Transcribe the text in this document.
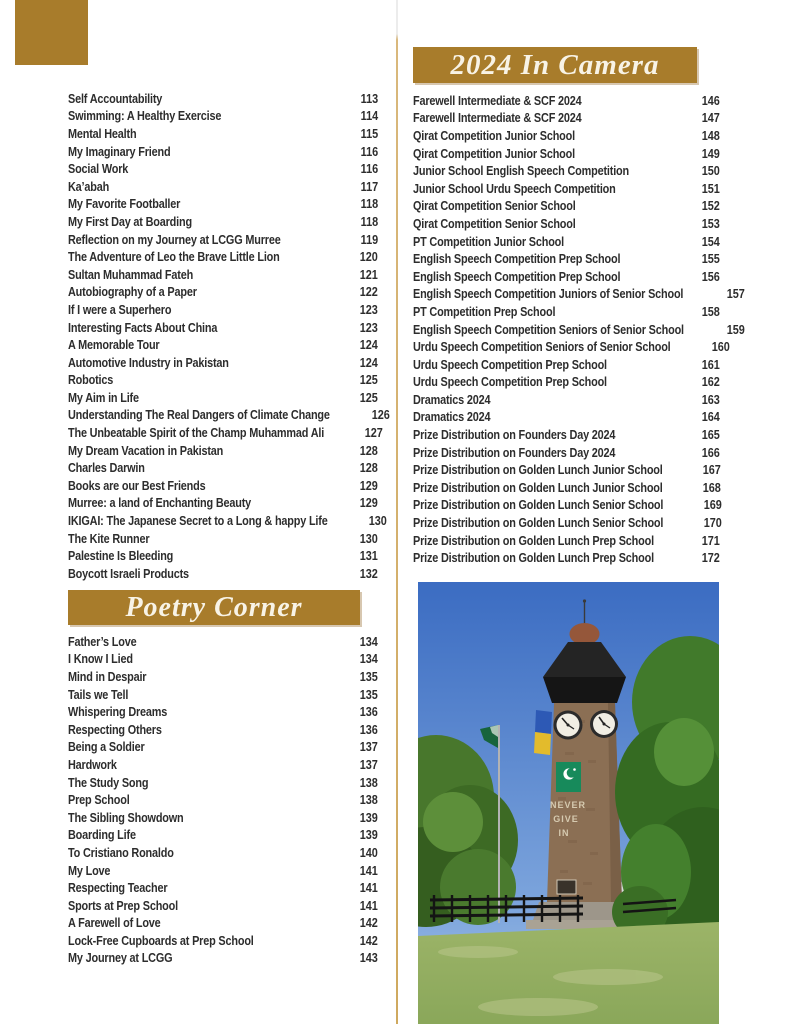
2024 In Camera
Self Accountability	113
Swimming: A Healthy Exercise	114
Mental Health	115
My Imaginary Friend	116
Social Work	116
Ka’abah	117
My Favorite Footballer	118
My First Day at Boarding	118
Reflection on my Journey at LCGG Murree	119
The Adventure of Leo the Brave Little Lion	120
Sultan Muhammad Fateh	121
Autobiography of a Paper	122
If I were a Superhero	123
Interesting Facts About China	123
A Memorable Tour	124
Automotive Industry in Pakistan	124
Robotics	125
My Aim in Life	125
Understanding The Real Dangers of Climate Change	126
The Unbeatable Spirit of the Champ Muhammad Ali	127
My Dream Vacation in Pakistan	128
Charles Darwin	128
Books are our Best Friends	129
Murree: a land of Enchanting Beauty	129
IKIGAI: The Japanese Secret to a Long & happy Life	130
The Kite Runner	130
Palestine Is Bleeding	131
Boycott Israeli Products	132
Poetry Corner
Father’s Love	134
I Know I Lied	134
Mind in Despair	135
Tails we Tell	135
Whispering Dreams	136
Respecting Others	136
Being a Soldier	137
Hardwork	137
The Study Song	138
Prep School	138
The Sibling Showdown	139
Boarding Life	139
To Cristiano Ronaldo	140
My Love	141
Respecting Teacher	141
Sports at Prep School	141
A Farewell of Love	142
Lock-Free Cupboards at Prep School	142
My Journey at LCGG	143
Farewell Intermediate & SCF 2024	146
Farewell Intermediate & SCF 2024	147
Qirat Competition Junior School	148
Qirat Competition Junior School	149
Junior School English Speech Competition	150
Junior School Urdu Speech Competition	151
Qirat Competition Senior School	152
Qirat Competition Senior School	153
PT Competition Junior School	154
English Speech Competition Prep School	155
English Speech Competition Prep School	156
English Speech Competition Juniors of Senior School	157
PT Competition Prep School	158
English Speech Competition Seniors of Senior School	159
Urdu Speech Competition Seniors of Senior School	160
Urdu Speech Competition Prep School	161
Urdu Speech Competition Prep School	162
Dramatics 2024	163
Dramatics 2024	164
Prize Distribution on Founders Day 2024	165
Prize Distribution on Founders Day 2024	166
Prize Distribution on Golden Lunch Junior School	167
Prize Distribution on Golden Lunch Junior School	168
Prize Distribution on Golden Lunch Senior School	169
Prize Distribution on Golden Lunch Senior School	170
Prize Distribution on Golden Lunch Prep School	171
Prize Distribution on Golden Lunch Prep School	172
NEVER
GIVE
IN
